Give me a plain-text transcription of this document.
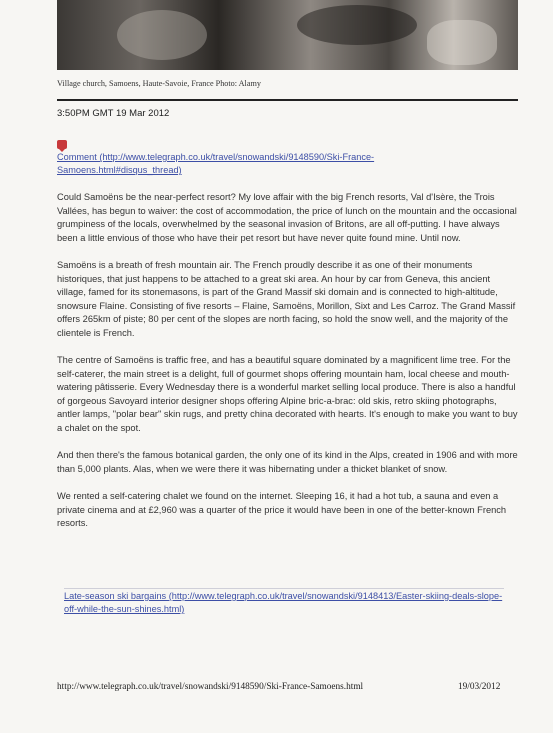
Village church, Samoens, Haute-Savoie, France Photo: Alamy
3:50PM GMT 19 Mar 2012
Comment (http://www.telegraph.co.uk/travel/snowandski/9148590/Ski-France-Samoens.html#disqus_thread)

Could Samoëns be the near-perfect resort? My love affair with the big French resorts, Val d'Isère, the Trois Vallées, has begun to waiver: the cost of accommodation, the price of lunch on the mountain and the occasional grumpiness of the locals, overwhelmed by the seasonal invasion of Britons, are all off-putting. I have always been a little envious of those who have their pet resort but have never quite found mine. Until now.

Samoëns is a breath of fresh mountain air. The French proudly describe it as one of their monuments historiques, that just happens to be attached to a great ski area. An hour by car from Geneva, this ancient village, famed for its stonemasons, is part of the Grand Massif ski domain and is connected to high-altitude, snowsure Flaine. Consisting of five resorts – Flaine, Samoëns, Morillon, Sixt and Les Carroz. The Grand Massif offers 265km of piste; 80 per cent of the slopes are north facing, so hold the snow well, and the majority of the clientele is French.

The centre of Samoëns is traffic free, and has a beautiful square dominated by a magnificent lime tree. For the self-caterer, the main street is a delight, full of gourmet shops offering mountain ham, local cheese and mouth-watering pâtisserie. Every Wednesday there is a wonderful market selling local produce. There is also a handful of gorgeous Savoyard interior designer shops offering Alpine bric-a-brac: old skis, retro skiing photographs, antler lamps, "polar bear" skin rugs, and pretty china decorated with hearts. It's enough to make you want to buy a chalet on the spot.

And then there's the famous botanical garden, the only one of its kind in the Alps, created in 1906 and with more than 5,000 plants. Alas, when we were there it was hibernating under a thicket blanket of snow.

We rented a self-catering chalet we found on the internet. Sleeping 16, it had a hot tub, a sauna and even a private cinema and at £2,960 was a quarter of the price it would have been in one of the better-known French resorts.

Late-season ski bargains (http://www.telegraph.co.uk/travel/snowandski/9148413/Easter-skiing-deals-slope-off-while-the-sun-shines.html)
http://www.telegraph.co.uk/travel/snowandski/9148590/Ski-France-Samoens.html	19/03/2012
